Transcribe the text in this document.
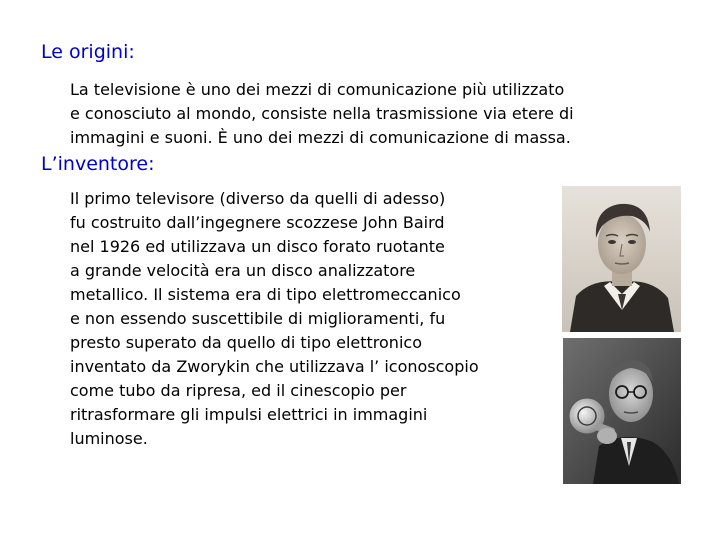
Le origini:
La televisione è uno dei mezzi di comunicazione più utilizzato
e conosciuto al mondo, consiste nella trasmissione via etere di
immagini e suoni. È uno dei mezzi di comunicazione di massa.
L’inventore:
Il primo televisore (diverso da quelli di adesso)
fu costruito dall’ingegnere scozzese John Baird
nel 1926 ed utilizzava un disco forato ruotante
a grande velocità era un disco analizzatore
metallico. Il sistema era di tipo elettromeccanico
e non essendo suscettibile di miglioramenti, fu
presto superato da quello di tipo elettronico
inventato da Zworykin che utilizzava l’ iconoscopio
come tubo da ripresa, ed il cinescopio per
ritrasformare gli impulsi elettrici in immagini
luminose.
